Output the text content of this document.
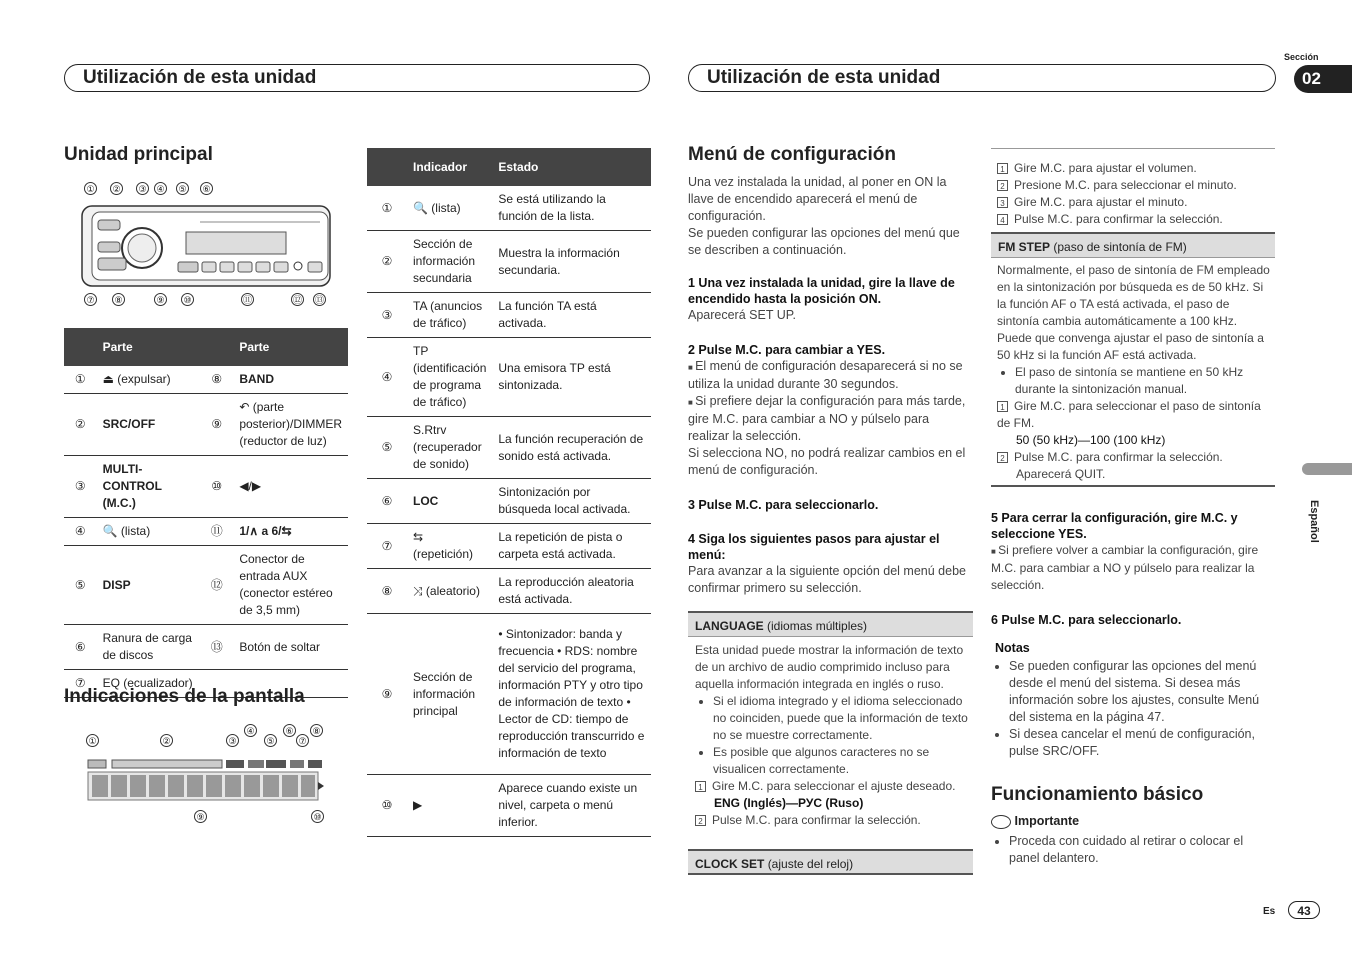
Utilización de esta unidad	Utilización de esta unidad
Sección
02
Español
Es	43
Unidad principal
① ② ③ ④ ⑤ ⑥
⑦ ⑧	⑨ ⑩	⑪	⑫ ⑬
	Parte		Parte
①	⏏ (expulsar)	⑧	BAND
②	SRC/OFF	⑨	↶ (parte posterior)/DIMMER (reductor de luz)
③	MULTI-CONTROL (M.C.)	⑩	◀/▶
④	🔍 (lista)	⑪	1/∧ a 6/⇆
⑤	DISP	⑫	Conector de entrada AUX (conector estéreo de 3,5 mm)
⑥	Ranura de carga de discos	⑬	Botón de soltar
⑦	EQ (ecualizador)		
Indicaciones de la pantalla
①	②	③
④
⑤
⑥
⑦
⑧
⑨	⑩
	Indicador	Estado
①	🔍 (lista)	Se está utilizando la función de la lista.
②	Sección de información secundaria	Muestra la información secundaria.
③	TA (anuncios de tráfico)	La función TA está activada.
④	TP (identificación de programa de tráfico)	Una emisora TP está sintonizada.
⑤	S.Rtrv (recuperador de sonido)	La función recuperación de sonido está activada.
⑥	LOC	Sintonización por búsqueda local activada.
⑦	⇆ (repetición)	La repetición de pista o carpeta está activada.
⑧	⤨ (aleatorio)	La reproducción aleatoria está activada.
⑨	Sección de información principal	• Sintonizador: banda y frecuencia • RDS: nombre del servicio del programa, información PTY y otro tipo de información de texto • Lector de CD: tiempo de reproducción transcurrido e información de texto
⑩	▶	Aparece cuando existe un nivel, carpeta o menú inferior.
Menú de configuración
Una vez instalada la unidad, al poner en ON la llave de encendido aparecerá el menú de configuración.
Se pueden configurar las opciones del menú que se describen a continuación.
1 Una vez instalada la unidad, gire la llave de encendido hasta la posición ON.
Aparecerá SET UP.
2 Pulse M.C. para cambiar a YES.
■ El menú de configuración desaparecerá si no se utiliza la unidad durante 30 segundos.
■ Si prefiere dejar la configuración para más tarde, gire M.C. para cambiar a NO y púlselo para realizar la selección.
Si selecciona NO, no podrá realizar cambios en el menú de configuración.
3 Pulse M.C. para seleccionarlo.
4 Siga los siguientes pasos para ajustar el menú:
Para avanzar a la siguiente opción del menú debe confirmar primero su selección.
LANGUAGE (idiomas múltiples)
Esta unidad puede mostrar la información de texto de un archivo de audio comprimido incluso para aquella información integrada en inglés o ruso.
• Si el idioma integrado y el idioma seleccionado no coinciden, puede que la información de texto no se muestre correctamente.
• Es posible que algunos caracteres no se visualicen correctamente.
1 Gire M.C. para seleccionar el ajuste deseado.
ENG (Inglés)—РУС (Ruso)
2 Pulse M.C. para confirmar la selección.
CLOCK SET (ajuste del reloj)
1 Gire M.C. para ajustar el volumen.
2 Presione M.C. para seleccionar el minuto.
3 Gire M.C. para ajustar el minuto.
4 Pulse M.C. para confirmar la selección.
FM STEP (paso de sintonía de FM)
Normalmente, el paso de sintonía de FM empleado en la sintonización por búsqueda es de 50 kHz. Si la función AF o TA está activada, el paso de sintonía cambia automáticamente a 100 kHz. Puede que convenga ajustar el paso de sintonía a 50 kHz si la función AF está activada.
• El paso de sintonía se mantiene en 50 kHz durante la sintonización manual.
1 Gire M.C. para seleccionar el paso de sintonía de FM.
50 (50 kHz)—100 (100 kHz)
2 Pulse M.C. para confirmar la selección.
Aparecerá QUIT.
5 Para cerrar la configuración, gire M.C. y seleccione YES.
■ Si prefiere volver a cambiar la configuración, gire M.C. para cambiar a NO y púlselo para realizar la selección.
6 Pulse M.C. para seleccionarlo.
Notas
• Se pueden configurar las opciones del menú desde el menú del sistema. Si desea más información sobre los ajustes, consulte Menú del sistema en la página 47.
• Si desea cancelar el menú de configuración, pulse SRC/OFF.
Funcionamiento básico
Importante
• Proceda con cuidado al retirar o colocar el panel delantero.
